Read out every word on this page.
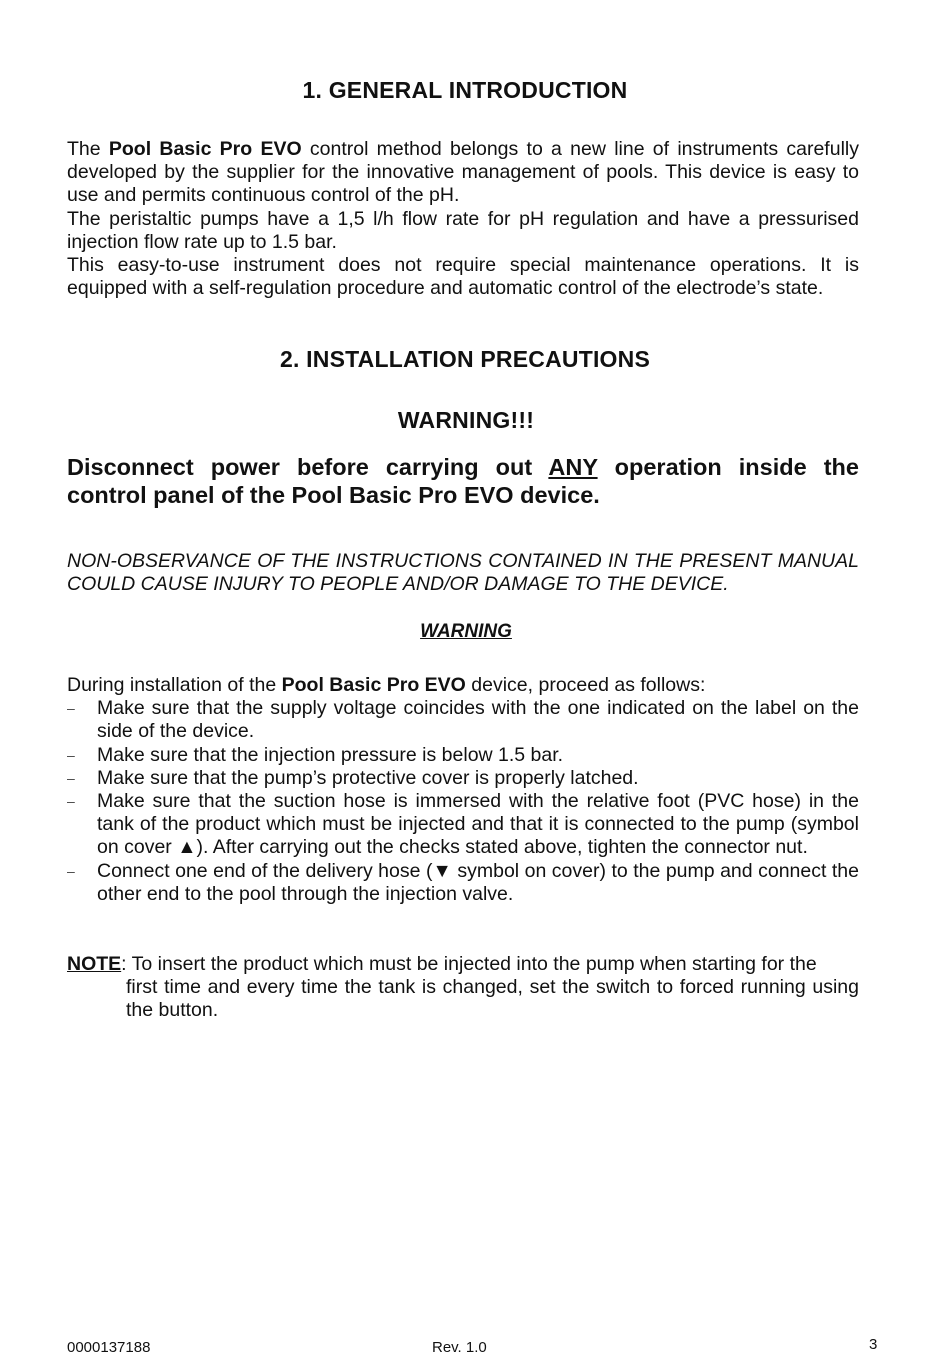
1. GENERAL INTRODUCTION

The Pool Basic Pro EVO control method belongs to a new line of instruments carefully developed by the supplier for the innovative management of pools. This device is easy to use and permits continuous control of the pH.

The peristaltic pumps have a 1,5 l/h flow rate for pH regulation and have a pressurised injection flow rate up to 1.5 bar.

This easy-to-use instrument does not require special maintenance operations. It is equipped with a self-regulation procedure and automatic control of the electrode’s state.

2. INSTALLATION PRECAUTIONS
WARNING!!!
Disconnect power before carrying out ANY operation inside the control panel of the Pool Basic Pro EVO device.
NON-OBSERVANCE OF THE INSTRUCTIONS CONTAINED IN THE PRESENT MANUAL COULD CAUSE INJURY TO PEOPLE AND/OR DAMAGE TO THE DEVICE.
WARNING

During installation of the Pool Basic Pro EVO device, proceed as follows:

– Make sure that the supply voltage coincides with the one indicated on the label on the side of the device.
– Make sure that the injection pressure is below 1.5 bar.
– Make sure that the pump’s protective cover is properly latched.
– Make sure that the suction hose is immersed with the relative foot (PVC hose) in the tank of the product which must be injected and that it is connected to the pump (symbol on cover ▲). After carrying out the checks stated above, tighten the connector nut.
– Connect one end of the delivery hose (▼ symbol on cover) to the pump and connect the other end to the pool through the injection valve.
NOTE: To insert the product which must be injected into the pump when starting for the
first time and every time the tank is changed, set the switch to forced running using the button.
0000137188	Rev. 1.0	3
